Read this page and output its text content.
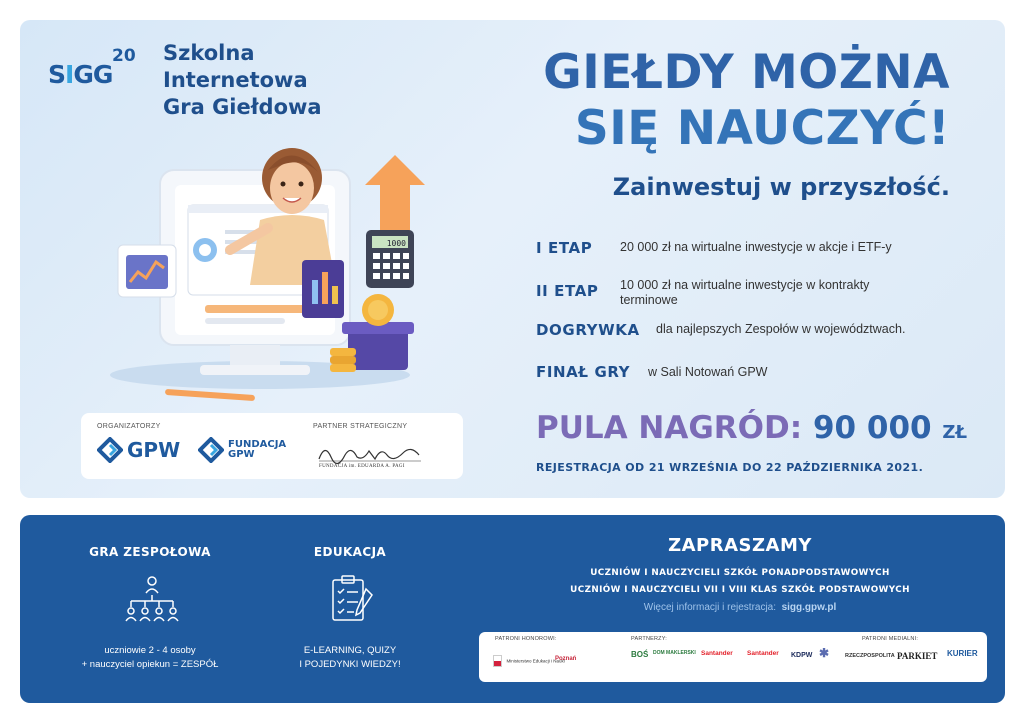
SIGG
20 Szkolna Internetowa
Gra Giełdowa
1000
ORGANIZATORZY	PARTNER STRATEGICZNY
GPW	FUNDACJA
GPW
FUNDACJA im. EDUARDA A. PAGI
GIEŁDY MOŻNA
SIĘ NAUCZYĆ!
Zainwestuj w przyszłość.
I ETAP	20 000 zł na wirtualne inwestycje w akcje i ETF-y
II ETAP	10 000 zł na wirtualne inwestycje w kontrakty terminowe
DOGRYWKA	dla najlepszych Zespołów w województwach.
FINAŁ GRY	w Sali Notowań GPW
PULA NAGRÓD: 90 000 ZŁ
REJESTRACJA OD 21 WRZEŚNIA DO 22 PAŹDZIERNIKA 2021.
GRA ZESPOŁOWA
uczniowie 2 - 4 osoby
+ nauczyciel opiekun = ZESPÓŁ
EDUKACJA
E-LEARNING, QUIZY
I POJEDYNKI WIEDZY!
ZAPRASZAMY
UCZNIÓW I NAUCZYCIELI SZKÓŁ PONADPODSTAWOWYCH
UCZNIÓW I NAUCZYCIELI VII I VIII KLAS SZKÓŁ PODSTAWOWYCH
Więcej informacji i rejestracja: sigg.gpw.pl
PATRONI HONOROWI:	PARTNERZY:	PATRONI MEDIALNI:
Ministerstwo Edukacji i Nauki
Poznań	BOŚ DOM MAKLERSKI Santander Santander KDPW ✱	RZECZPOSPOLITA PARKIET KURIER
